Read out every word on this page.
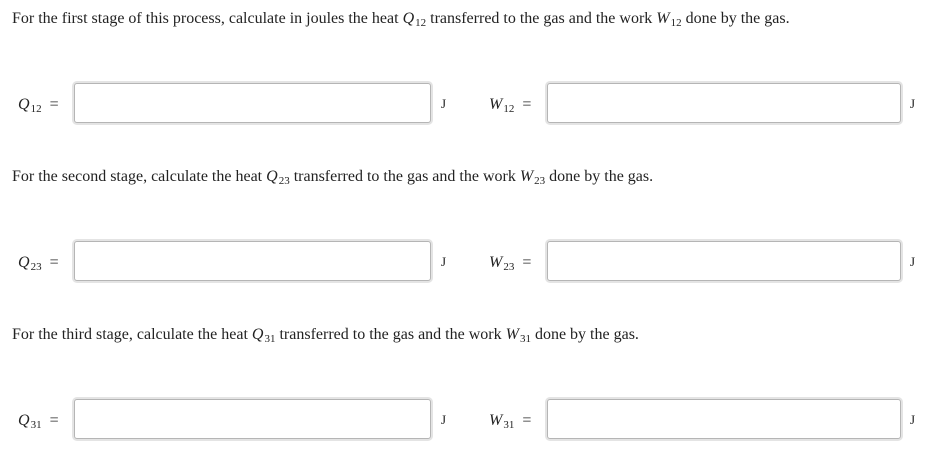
For the first stage of this process, calculate in joules the heat $Q_{12}$ transferred to the gas and the work $W_{12}$ done by the gas.
$Q_{12}$ =	J	$W_{12}$ =	J
For the second stage, calculate the heat $Q_{23}$ transferred to the gas and the work $W_{23}$ done by the gas.
$Q_{23}$ =	J	$W_{23}$ =	J
For the third stage, calculate the heat $Q_{31}$ transferred to the gas and the work $W_{31}$ done by the gas.
$Q_{31}$ =	J	$W_{31}$ =	J
